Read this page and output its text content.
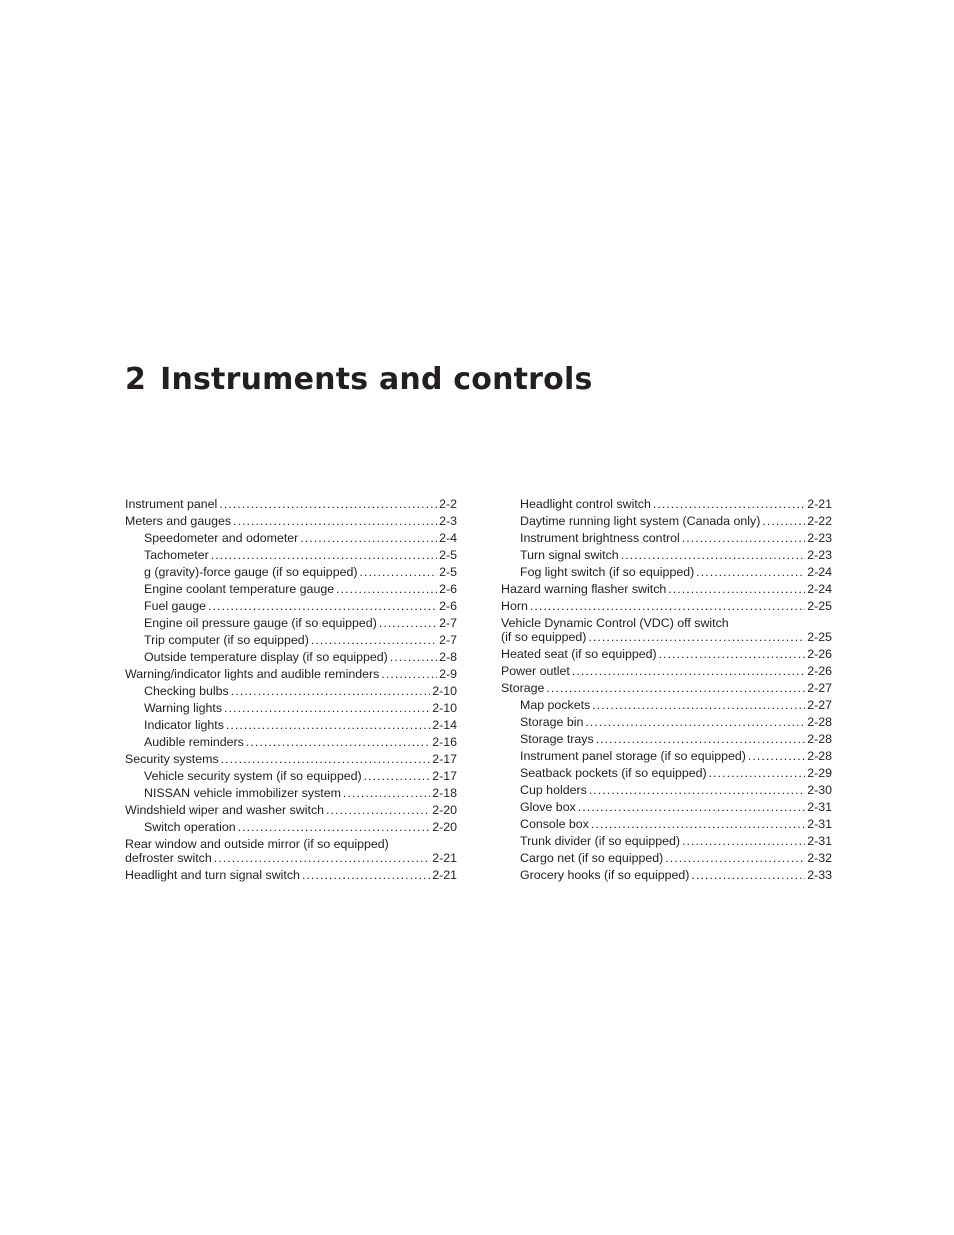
2 Instruments and controls
Instrument panel . . .	2-2
Meters and gauges . . .	2-3
Speedometer and odometer . . .	2-4
Tachometer . . .	2-5
g (gravity)-force gauge (if so equipped) . . .	2-5
Engine coolant temperature gauge . . .	2-6
Fuel gauge . . .	2-6
Engine oil pressure gauge (if so equipped) . . .	2-7
Trip computer (if so equipped) . . .	2-7
Outside temperature display (if so equipped) . . .	2-8
Warning/indicator lights and audible reminders . . .	2-9
Checking bulbs . . .	2-10
Warning lights . . .	2-10
Indicator lights . . .	2-14
Audible reminders . . .	2-16
Security systems . . .	2-17
Vehicle security system (if so equipped) . . .	2-17
NISSAN vehicle immobilizer system . . .	2-18
Windshield wiper and washer switch . . .	2-20
Switch operation . . .	2-20
Rear window and outside mirror (if so equipped)
defroster switch . . .	2-21
Headlight and turn signal switch . . .	2-21
Headlight control switch . . .	2-21
Daytime running light system (Canada only) . . .	2-22
Instrument brightness control . . .	2-23
Turn signal switch . . .	2-23
Fog light switch (if so equipped) . . .	2-24
Hazard warning flasher switch . . .	2-24
Horn . . .	2-25
Vehicle Dynamic Control (VDC) off switch
(if so equipped) . . .	2-25
Heated seat (if so equipped) . . .	2-26
Power outlet . . .	2-26
Storage . . .	2-27
Map pockets . . .	2-27
Storage bin . . .	2-28
Storage trays . . .	2-28
Instrument panel storage (if so equipped) . . .	2-28
Seatback pockets (if so equipped) . . .	2-29
Cup holders . . .	2-30
Glove box . . .	2-31
Console box . . .	2-31
Trunk divider (if so equipped) . . .	2-31
Cargo net (if so equipped) . . .	2-32
Grocery hooks (if so equipped) . . .	2-33
